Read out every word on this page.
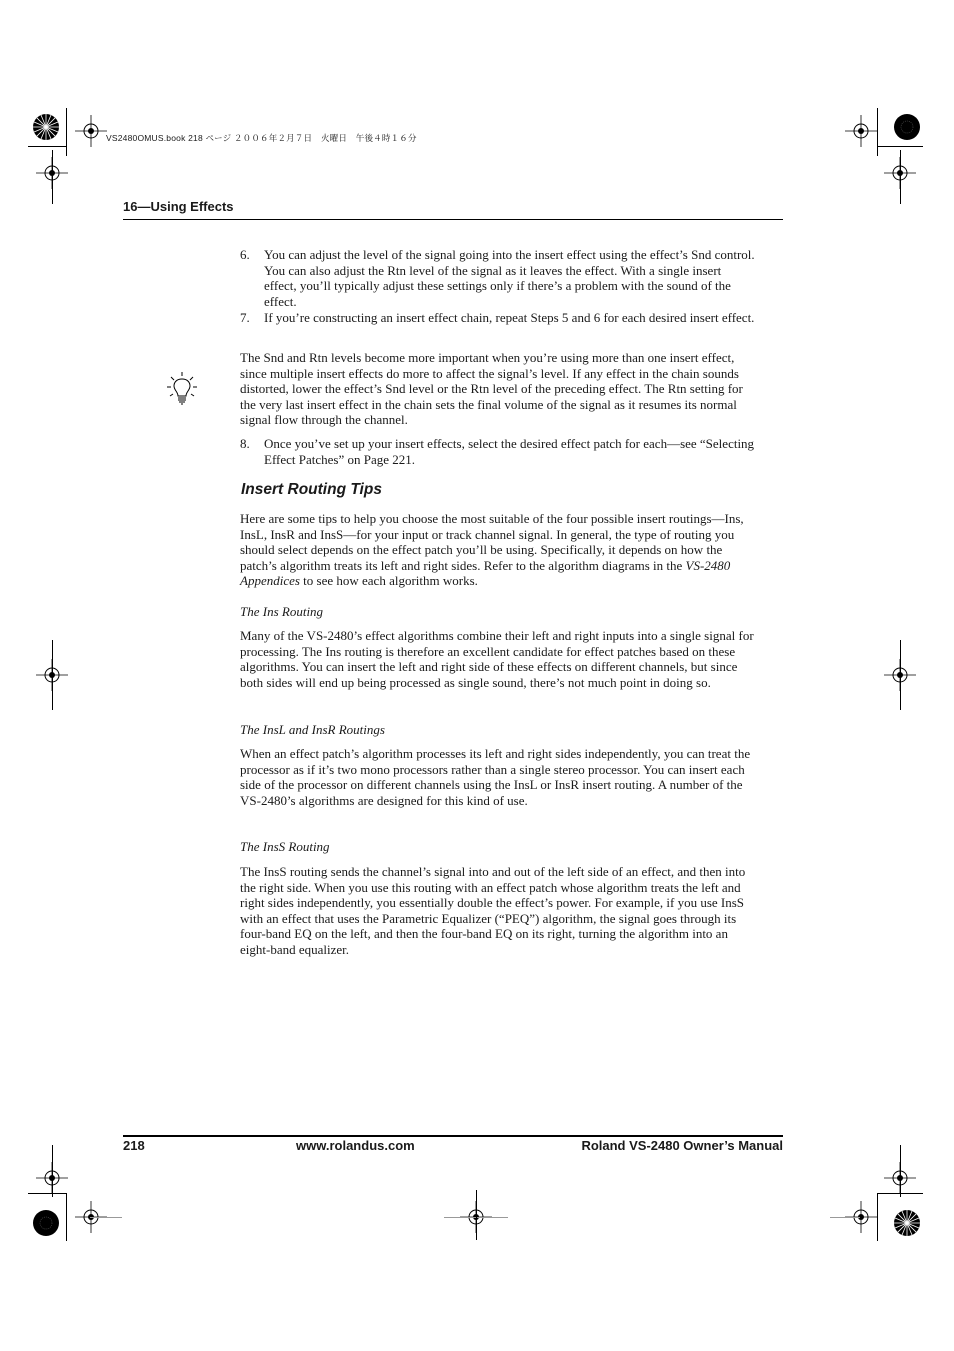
VS2480OMUS.book 218 ページ ２００６年２月７日　火曜日　午後４時１６分
16—Using Effects
6.	You can adjust the level of the signal going into the insert effect using the effect’s Snd control. You can also adjust the Rtn level of the signal as it leaves the effect. With a single insert effect, you’ll typically adjust these settings only if there’s a problem with the sound of the effect.
7.	If you’re constructing an insert effect chain, repeat Steps 5 and 6 for each desired insert effect.
The Snd and Rtn levels become more important when you’re using more than one insert effect, since multiple insert effects do more to affect the signal’s level. If any effect in the chain sounds distorted, lower the effect’s Snd level or the Rtn level of the preceding effect. The Rtn setting for the very last insert effect in the chain sets the final volume of the signal as it resumes its normal signal flow through the channel.
8.	Once you’ve set up your insert effects, select the desired effect patch for each—see “Selecting Effect Patches” on Page 221.
Insert Routing Tips
Here are some tips to help you choose the most suitable of the four possible insert routings—Ins, InsL, InsR and InsS—for your input or track channel signal. In general, the type of routing you should select depends on the effect patch you’ll be using. Specifically, it depends on how the patch’s algorithm treats its left and right sides. Refer to the algorithm diagrams in the VS-2480 Appendices to see how each algorithm works.
The Ins Routing
Many of the VS-2480’s effect algorithms combine their left and right inputs into a single signal for processing. The Ins routing is therefore an excellent candidate for effect patches based on these algorithms. You can insert the left and right side of these effects on different channels, but since both sides will end up being processed as single sound, there’s not much point in doing so.
The InsL and InsR Routings
When an effect patch’s algorithm processes its left and right sides independently, you can treat the processor as if it’s two mono processors rather than a single stereo processor. You can insert each side of the processor on different channels using the InsL or InsR insert routing. A number of the VS-2480’s algorithms are designed for this kind of use.
The InsS Routing
The InsS routing sends the channel’s signal into and out of the left side of an effect, and then into the right side. When you use this routing with an effect patch whose algorithm treats the left and right sides independently, you essentially double the effect’s power. For example, if you use InsS with an effect that uses the Parametric Equalizer (“PEQ”) algorithm, the signal goes through its four-band EQ on the left, and then the four-band EQ on its right, turning the algorithm into an eight-band equalizer.
218	www.rolandus.com	Roland VS-2480 Owner’s Manual
